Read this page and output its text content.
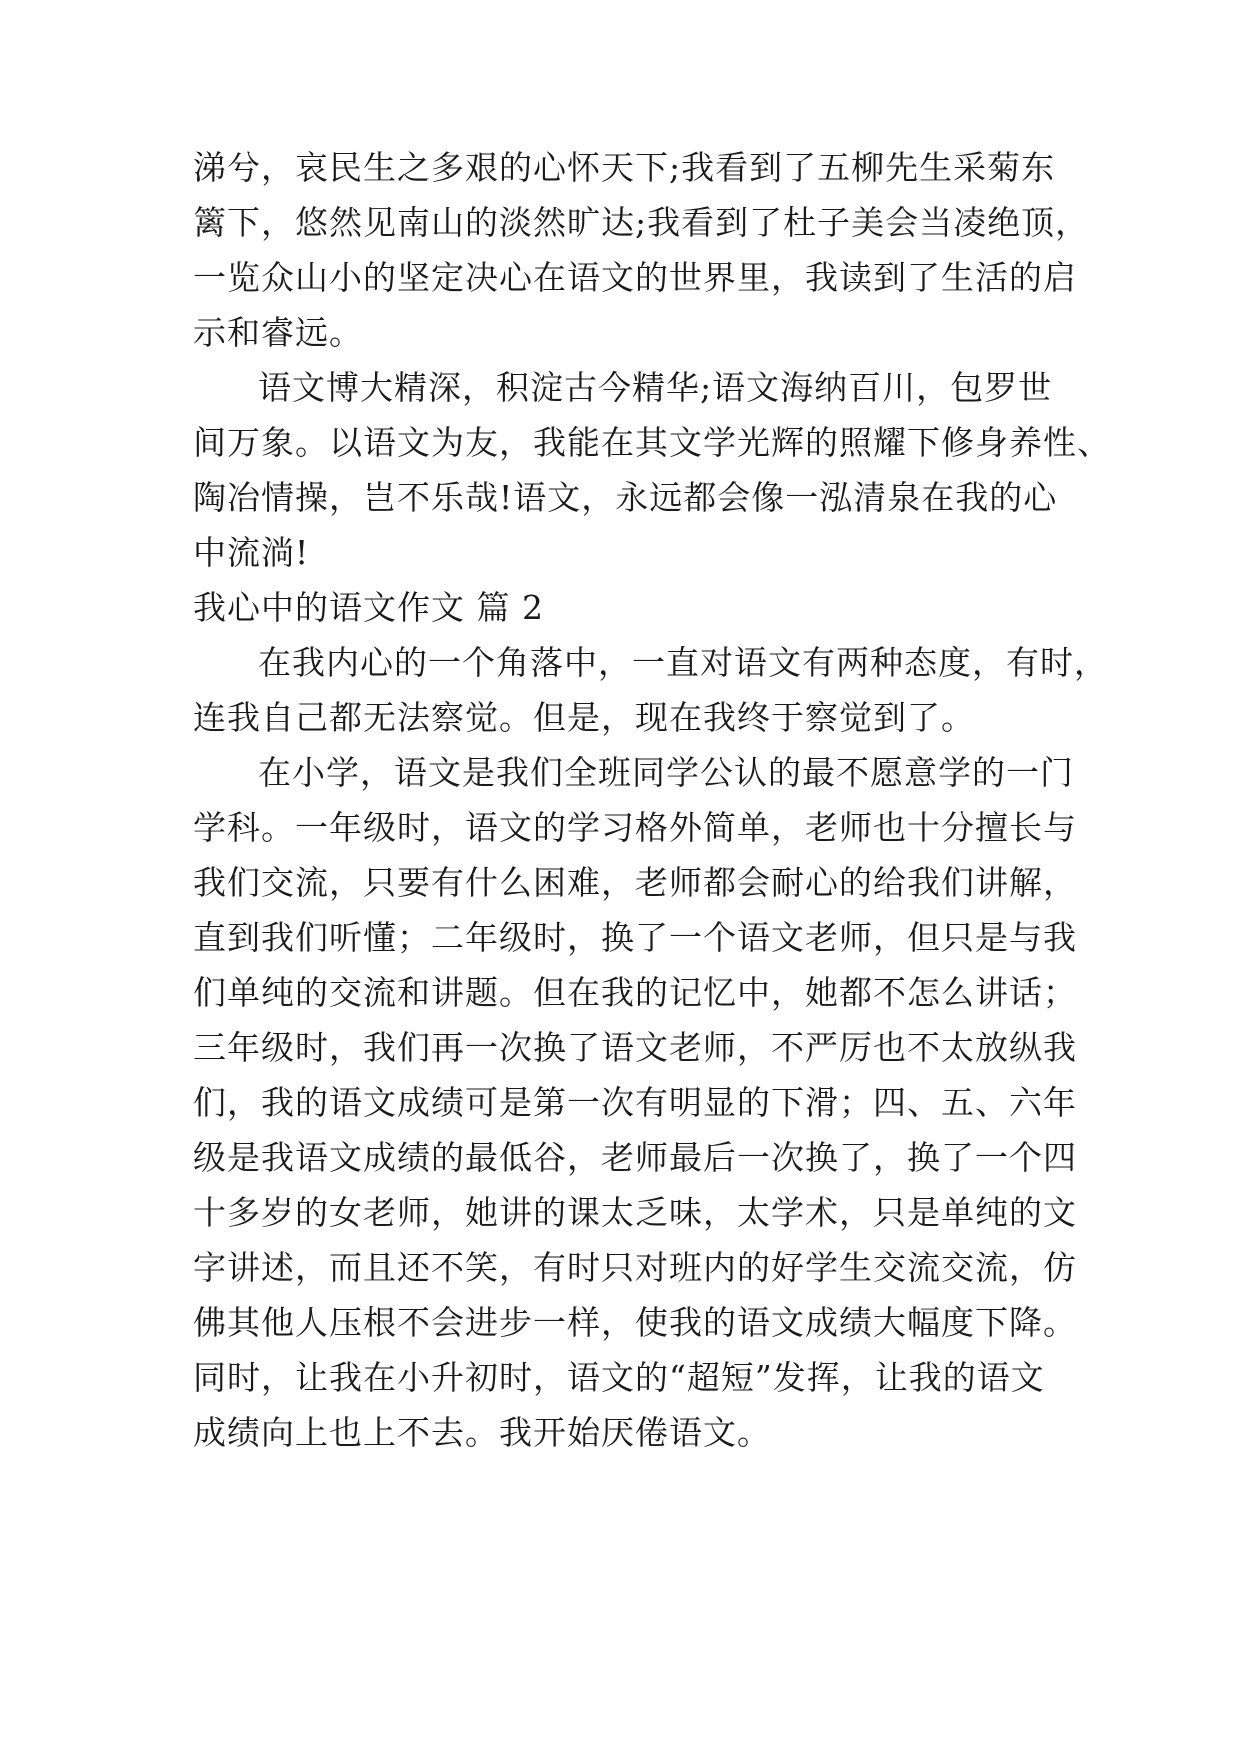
涕兮，哀民生之多艰的心怀天下;我看到了五柳先生采菊东
篱下，悠然见南山的淡然旷达;我看到了杜子美会当凌绝顶，
一览众山小的坚定决心在语文的世界里，我读到了生活的启
示和睿远。
语文博大精深，积淀古今精华;语文海纳百川，包罗世
间万象。以语文为友，我能在其文学光辉的照耀下修身养性、
陶冶情操，岂不乐哉!语文，永远都会像一泓清泉在我的心
中流淌!
我心中的语文作文 篇 2
在我内心的一个角落中，一直对语文有两种态度，有时，
连我自己都无法察觉。但是，现在我终于察觉到了。
在小学，语文是我们全班同学公认的最不愿意学的一门
学科。一年级时，语文的学习格外简单，老师也十分擅长与
我们交流，只要有什么困难，老师都会耐心的给我们讲解，
直到我们听懂；二年级时，换了一个语文老师，但只是与我
们单纯的交流和讲题。但在我的记忆中，她都不怎么讲话；
三年级时，我们再一次换了语文老师，不严厉也不太放纵我
们，我的语文成绩可是第一次有明显的下滑；四、五、六年
级是我语文成绩的最低谷，老师最后一次换了，换了一个四
十多岁的女老师，她讲的课太乏味，太学术，只是单纯的文
字讲述，而且还不笑，有时只对班内的好学生交流交流，仿
佛其他人压根不会进步一样，使我的语文成绩大幅度下降。
同时，让我在小升初时，语文的“超短”发挥，让我的语文
成绩向上也上不去。我开始厌倦语文。
